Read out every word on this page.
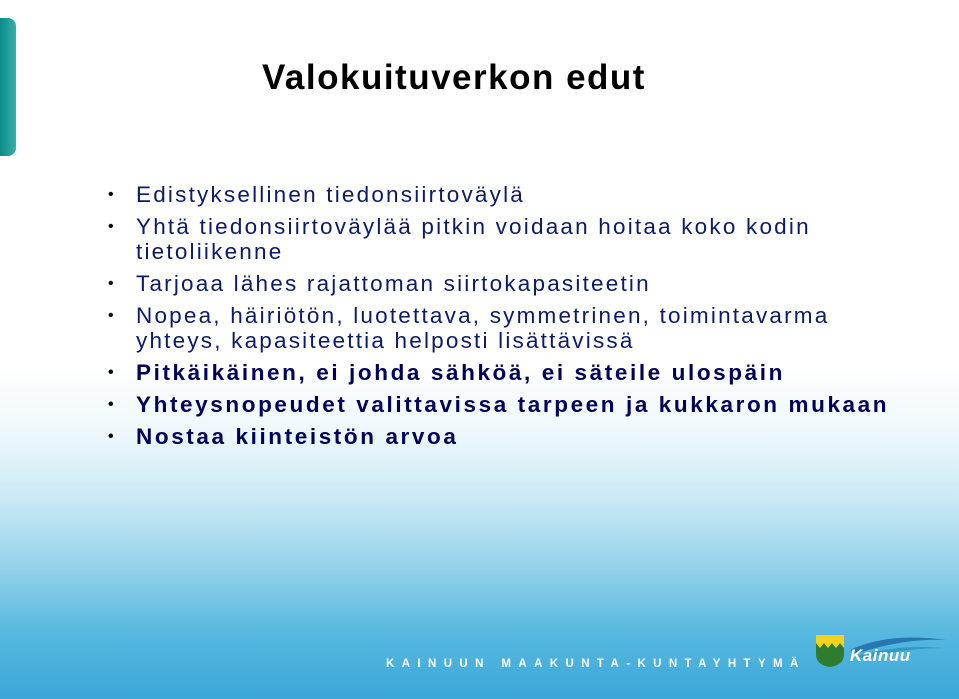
Valokuituverkon edut
• Edistyksellinen tiedonsiirtoväylä
• Yhtä tiedonsiirtoväylää pitkin voidaan hoitaa koko kodin tietoliikenne
• Tarjoaa lähes rajattoman siirtokapasiteetin
• Nopea, häiriötön, luotettava, symmetrinen, toimintavarma yhteys, kapasiteettia helposti lisättävissä
• Pitkäikäinen, ei johda sähköä, ei säteile ulospäin
• Yhteysnopeudet valittavissa tarpeen ja kukkaron mukaan
• Nostaa kiinteistön arvoa
KAINUUN MAAKUNTA-KUNTAYHTYMÄ	Kainuu
